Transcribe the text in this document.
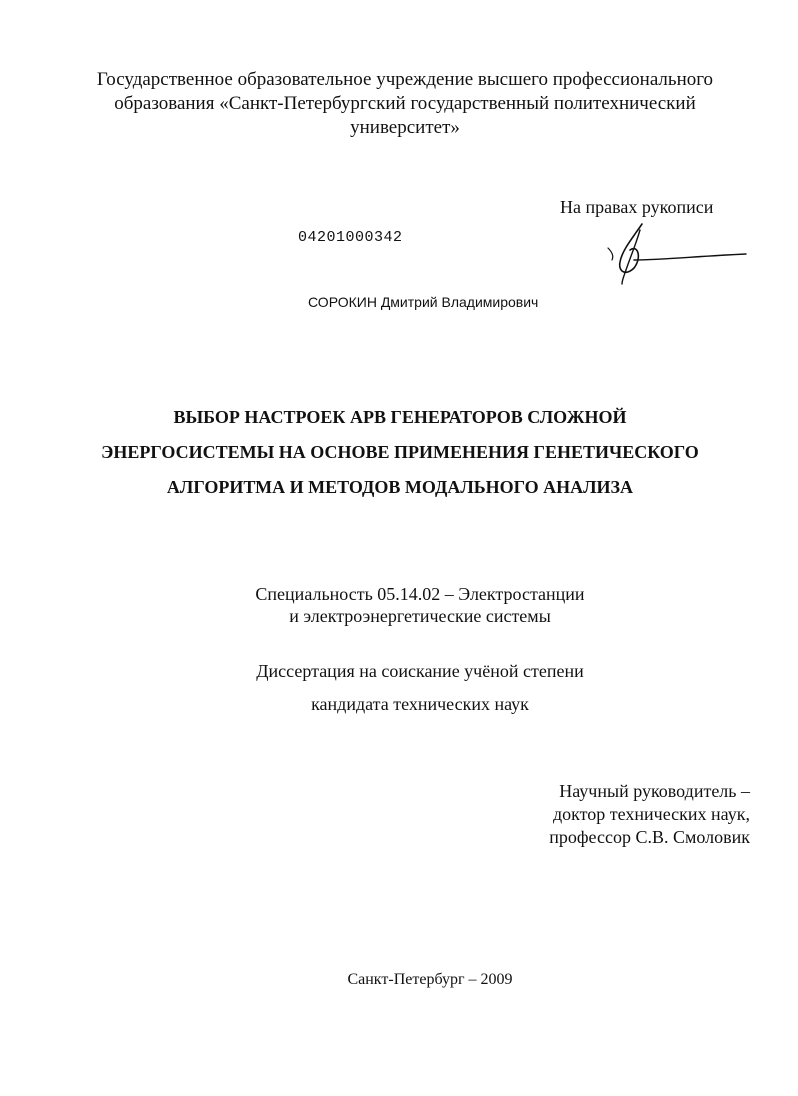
Государственное образовательное учреждение высшего профессионального
образования «Санкт-Петербургский государственный политехнический
университет»
На правах рукописи
04201000342
СОРОКИН Дмитрий Владимирович
ВЫБОР НАСТРОЕК АРВ ГЕНЕРАТОРОВ СЛОЖНОЙ
ЭНЕРГОСИСТЕМЫ НА ОСНОВЕ ПРИМЕНЕНИЯ ГЕНЕТИЧЕСКОГО
АЛГОРИТМА И МЕТОДОВ МОДАЛЬНОГО АНАЛИЗА
Специальность 05.14.02 – Электростанции
и электроэнергетические системы
Диссертация на соискание учёной степени
кандидата технических наук
Научный руководитель –
доктор технических наук,
профессор С.В. Смоловик
Санкт-Петербург – 2009
